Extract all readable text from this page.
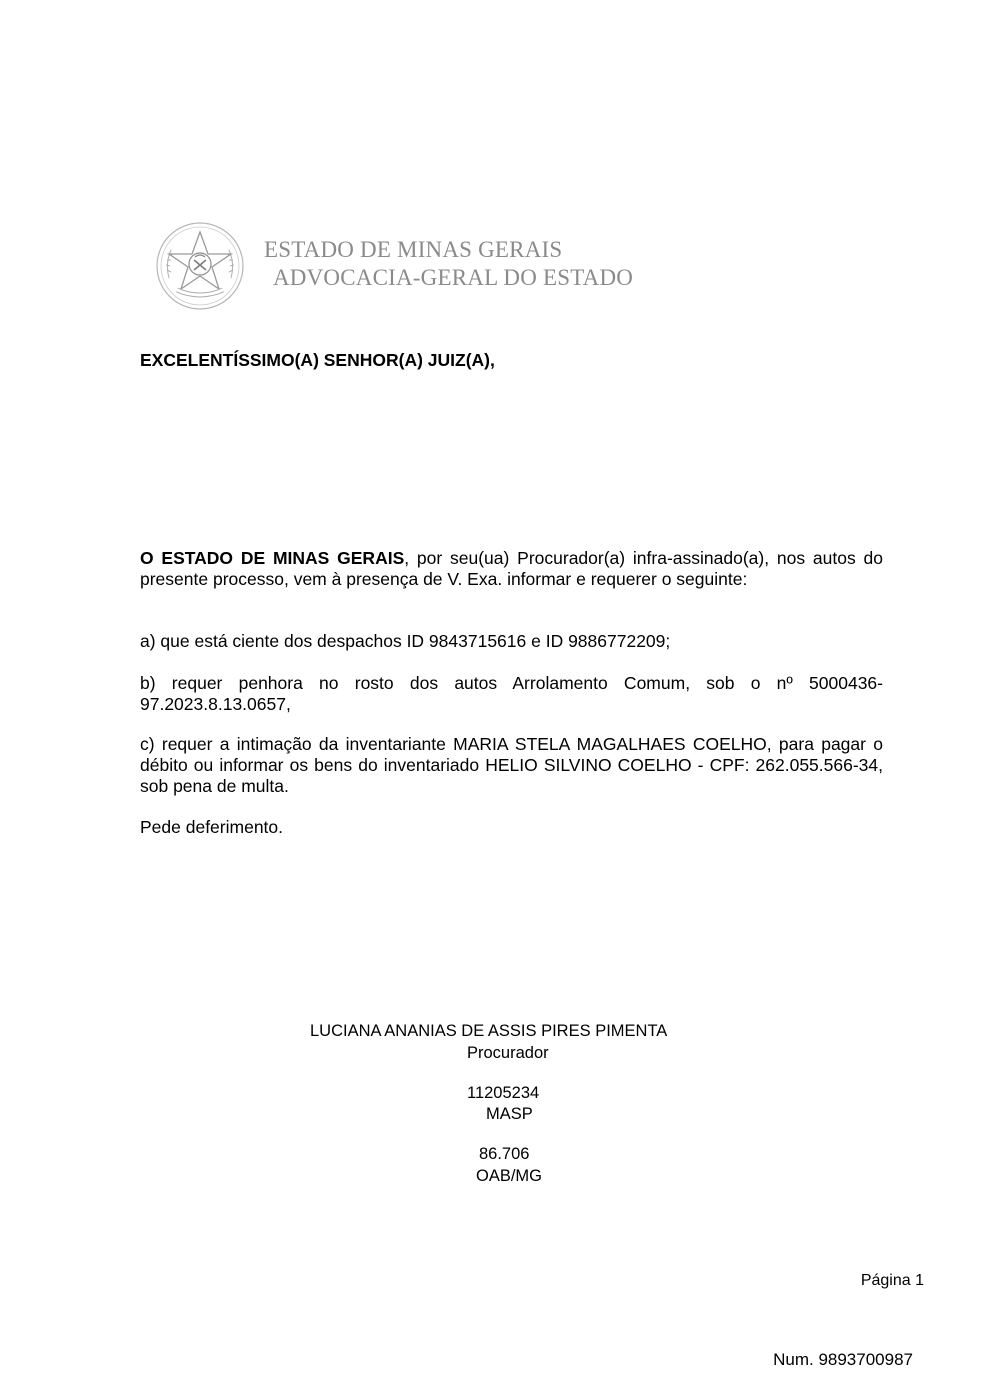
ESTADO DE MINAS GERAIS
ADVOCACIA-GERAL DO ESTADO
EXCELENTÍSSIMO(A) SENHOR(A) JUIZ(A),
O ESTADO DE MINAS GERAIS, por seu(ua) Procurador(a) infra-assinado(a), nos autos do presente processo, vem à presença de V. Exa. informar e requerer o seguinte:
a) que está ciente dos despachos ID 9843715616 e ID 9886772209;
b) requer penhora no rosto dos autos Arrolamento Comum, sob o nº 5000436-97.2023.8.13.0657,
c) requer a intimação da inventariante MARIA STELA MAGALHAES COELHO, para pagar o débito ou informar os bens do inventariado HELIO SILVINO COELHO - CPF: 262.055.566-34, sob pena de multa.
Pede deferimento.
LUCIANA ANANIAS DE ASSIS PIRES PIMENTA
Procurador
11205234
MASP
86.706
OAB/MG
Página 1
Num. 9893700987
